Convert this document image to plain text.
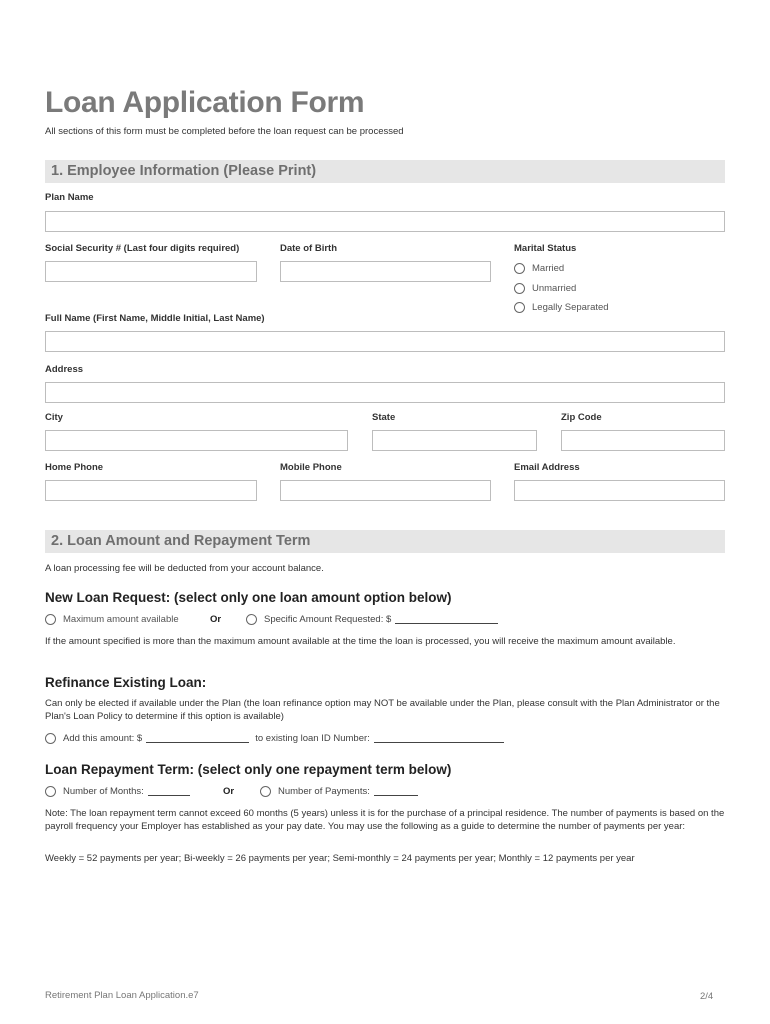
Loan Application Form
All sections of this form must be completed before the loan request can be processed
1. Employee Information (Please Print)
Plan Name
Social Security # (Last four digits required)	Date of Birth	Marital Status
Married
Unmarried
Legally Separated
Full Name (First Name, Middle Initial, Last Name)
Address
City	State	Zip Code
Home Phone	Mobile Phone	Email Address
2. Loan Amount and Repayment Term
A loan processing fee will be deducted from your account balance.
New Loan Request: (select only one loan amount option below)
Maximum amount available	Or	Specific Amount Requested: $
If the amount specified is more than the maximum amount available at the time the loan is processed, you will receive the maximum amount available.
Refinance Existing Loan:
Can only be elected if available under the Plan (the loan refinance option may NOT be available under the Plan, please consult with the Plan Administrator or the Plan's Loan Policy to determine if this option is available)
Add this amount: $	to existing loan ID Number:
Loan Repayment Term: (select only one repayment term below)
Number of Months:	Or	Number of Payments:
Note: The loan repayment term cannot exceed 60 months (5 years) unless it is for the purchase of a principal residence. The number of payments is based on the payroll frequency your Employer has established as your pay date. You may use the following as a guide to determine the number of payments per year:
Weekly = 52 payments per year; Bi-weekly = 26 payments per year; Semi-monthly = 24 payments per year; Monthly = 12 payments per year
Retirement Plan Loan Application.e7	2/4
